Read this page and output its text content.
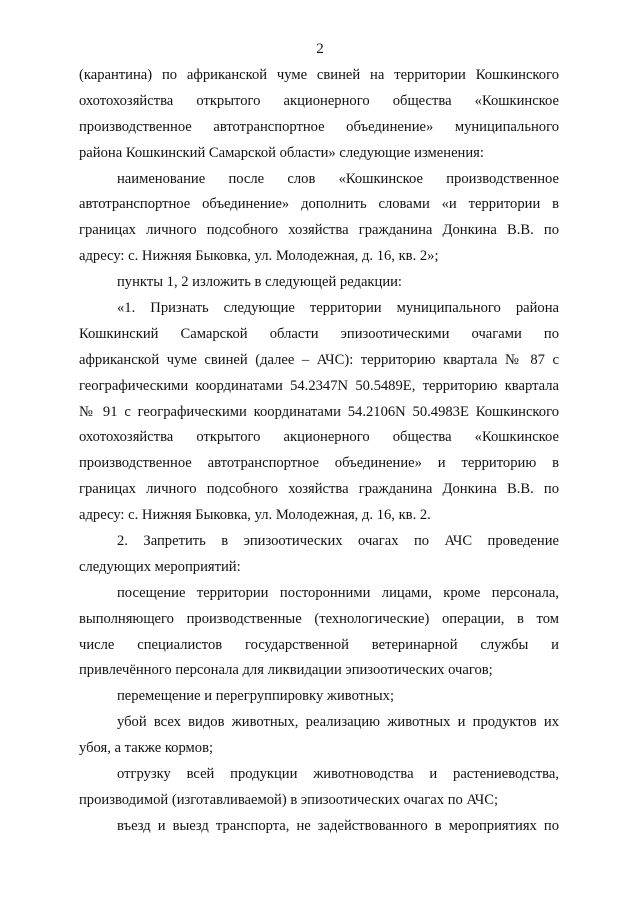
2
(карантина) по африканской чуме свиней на территории Кошкинского
охотохозяйства открытого акционерного общества «Кошкинское
производственное автотранспортное объединение» муниципального
района Кошкинский Самарской области» следующие изменения:
наименование после слов «Кошкинское производственное
автотранспортное объединение» дополнить словами «и территории в
границах личного подсобного хозяйства гражданина Донкина В.В. по
адресу: с. Нижняя Быковка, ул. Молодежная, д. 16, кв. 2»;
пункты 1, 2 изложить в следующей редакции:
«1. Признать следующие территории муниципального района
Кошкинский Самарской области эпизоотическими очагами по
африканской чуме свиней (далее – АЧС): территорию квартала № 87 с
географическими координатами 54.2347N 50.5489E, территорию квартала
№ 91 с географическими координатами 54.2106N 50.4983E Кошкинского
охотохозяйства открытого акционерного общества «Кошкинское
производственное автотранспортное объединение» и территорию в
границах личного подсобного хозяйства гражданина Донкина В.В. по
адресу: с. Нижняя Быковка, ул. Молодежная, д. 16, кв. 2.
2. Запретить в эпизоотических очагах по АЧС проведение
следующих мероприятий:
посещение территории посторонними лицами, кроме персонала,
выполняющего производственные (технологические) операции, в том
числе специалистов государственной ветеринарной службы и
привлечённого персонала для ликвидации эпизоотических очагов;
перемещение и перегруппировку животных;
убой всех видов животных, реализацию животных и продуктов их
убоя, а также кормов;
отгрузку всей продукции животноводства и растениеводства,
производимой (изготавливаемой) в эпизоотических очагах по АЧС;
въезд и выезд транспорта, не задействованного в мероприятиях по
